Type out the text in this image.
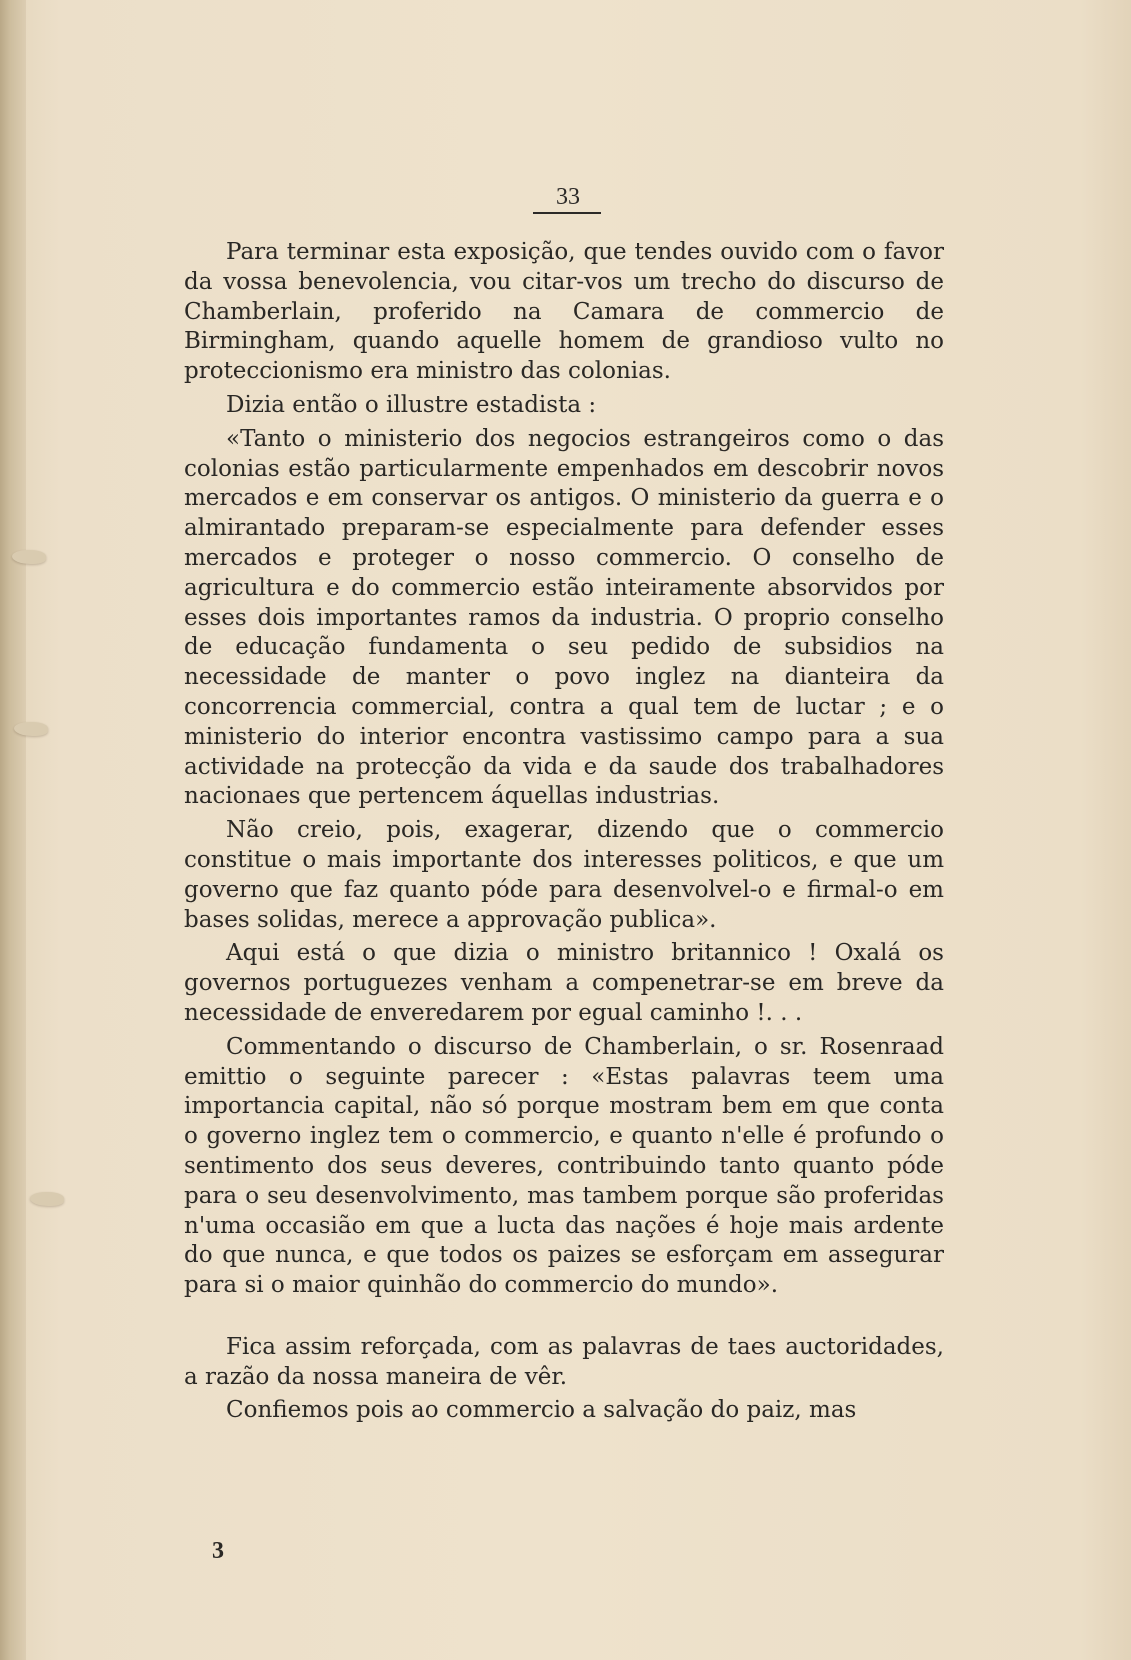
33

Para terminar esta exposição, que tendes ouvido com o favor da vossa benevolencia, vou citar-vos um trecho do discurso de Chamberlain, proferido na Camara de commercio de Birmingham, quando aquelle homem de grandioso vulto no proteccionismo era ministro das colonias.

Dizia então o illustre estadista :

«Tanto o ministerio dos negocios estrangeiros como o das colonias estão particularmente empenhados em descobrir novos mercados e em conservar os antigos. O ministerio da guerra e o almirantado preparam-se especialmente para defender esses mercados e proteger o nosso commercio. O conselho de agricultura e do commercio estão inteiramente absorvidos por esses dois importantes ramos da industria. O proprio conselho de educação fundamenta o seu pedido de subsidios na necessidade de manter o povo inglez na dianteira da concorrencia commercial, contra a qual tem de luctar ; e o ministerio do interior encontra vastissimo campo para a sua actividade na protecção da vida e da saude dos trabalhadores nacionaes que pertencem áquellas industrias.

Não creio, pois, exagerar, dizendo que o commercio constitue o mais importante dos interesses politicos, e que um governo que faz quanto póde para desenvolvel-o e firmal-o em bases solidas, merece a approvação publica».

Aqui está o que dizia o ministro britannico ! Oxalá os governos portuguezes venham a compenetrar-se em breve da necessidade de enveredarem por egual caminho !. . .

Commentando o discurso de Chamberlain, o sr. Rosenraad emittio o seguinte parecer : «Estas palavras teem uma importancia capital, não só porque mostram bem em que conta o governo inglez tem o commercio, e quanto n'elle é profundo o sentimento dos seus deveres, contribuindo tanto quanto póde para o seu desenvolvimento, mas tambem porque são proferidas n'uma occasião em que a lucta das nações é hoje mais ardente do que nunca, e que todos os paizes se esforçam em assegurar para si o maior quinhão do commercio do mundo».

Fica assim reforçada, com as palavras de taes auctoridades, a razão da nossa maneira de vêr.

Confiemos pois ao commercio a salvação do paiz, mas

3
